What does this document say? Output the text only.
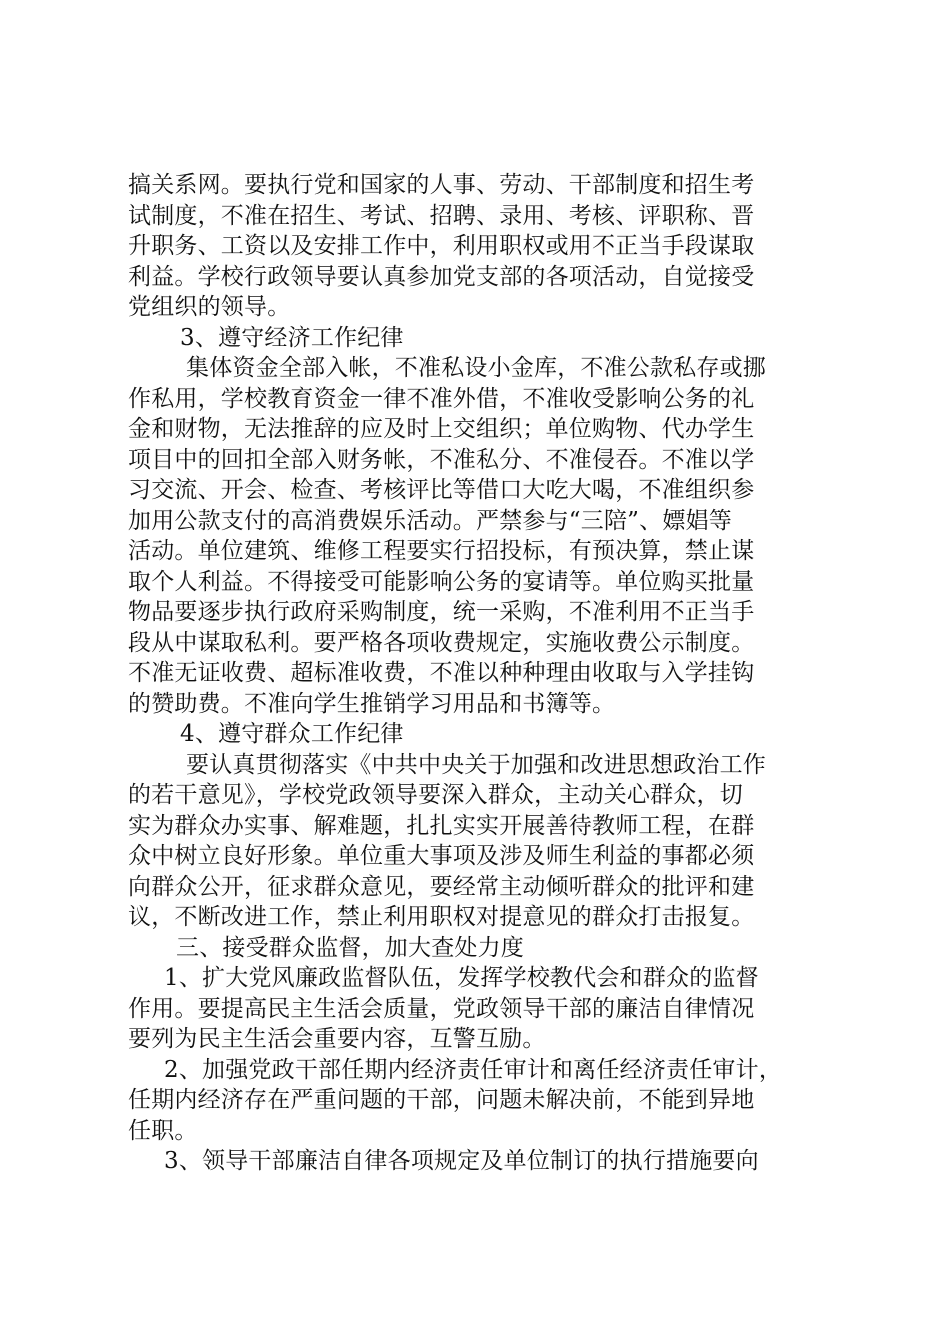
搞关系网。要执行党和国家的人事、劳动、干部制度和招生考
试制度，不准在招生、考试、招聘、录用、考核、评职称、晋
升职务、工资以及安排工作中，利用职权或用不正当手段谋取
利益。学校行政领导要认真参加党支部的各项活动，自觉接受
党组织的领导。
3、遵守经济工作纪律
集体资金全部入帐，不准私设小金库，不准公款私存或挪
作私用，学校教育资金一律不准外借，不准收受影响公务的礼
金和财物，无法推辞的应及时上交组织；单位购物、代办学生
项目中的回扣全部入财务帐，不准私分、不准侵吞。不准以学
习交流、开会、检查、考核评比等借口大吃大喝，不准组织参
加用公款支付的高消费娱乐活动。严禁参与“三陪”、嫖娼等
活动。单位建筑、维修工程要实行招投标，有预决算，禁止谋
取个人利益。不得接受可能影响公务的宴请等。单位购买批量
物品要逐步执行政府采购制度，统一采购，不准利用不正当手
段从中谋取私利。要严格各项收费规定，实施收费公示制度。
不准无证收费、超标准收费，不准以种种理由收取与入学挂钩
的赞助费。不准向学生推销学习用品和书簿等。
4、遵守群众工作纪律
要认真贯彻落实《中共中央关于加强和改进思想政治工作
的若干意见》，学校党政领导要深入群众，主动关心群众，切
实为群众办实事、解难题，扎扎实实开展善待教师工程，在群
众中树立良好形象。单位重大事项及涉及师生利益的事都必须
向群众公开，征求群众意见，要经常主动倾听群众的批评和建
议，不断改进工作，禁止利用职权对提意见的群众打击报复。
三、接受群众监督，加大查处力度
1、扩大党风廉政监督队伍，发挥学校教代会和群众的监督
作用。要提高民主生活会质量，党政领导干部的廉洁自律情况
要列为民主生活会重要内容，互警互励。
2、加强党政干部任期内经济责任审计和离任经济责任审计，
任期内经济存在严重问题的干部，问题未解决前，不能到异地
任职。
3、领导干部廉洁自律各项规定及单位制订的执行措施要向
